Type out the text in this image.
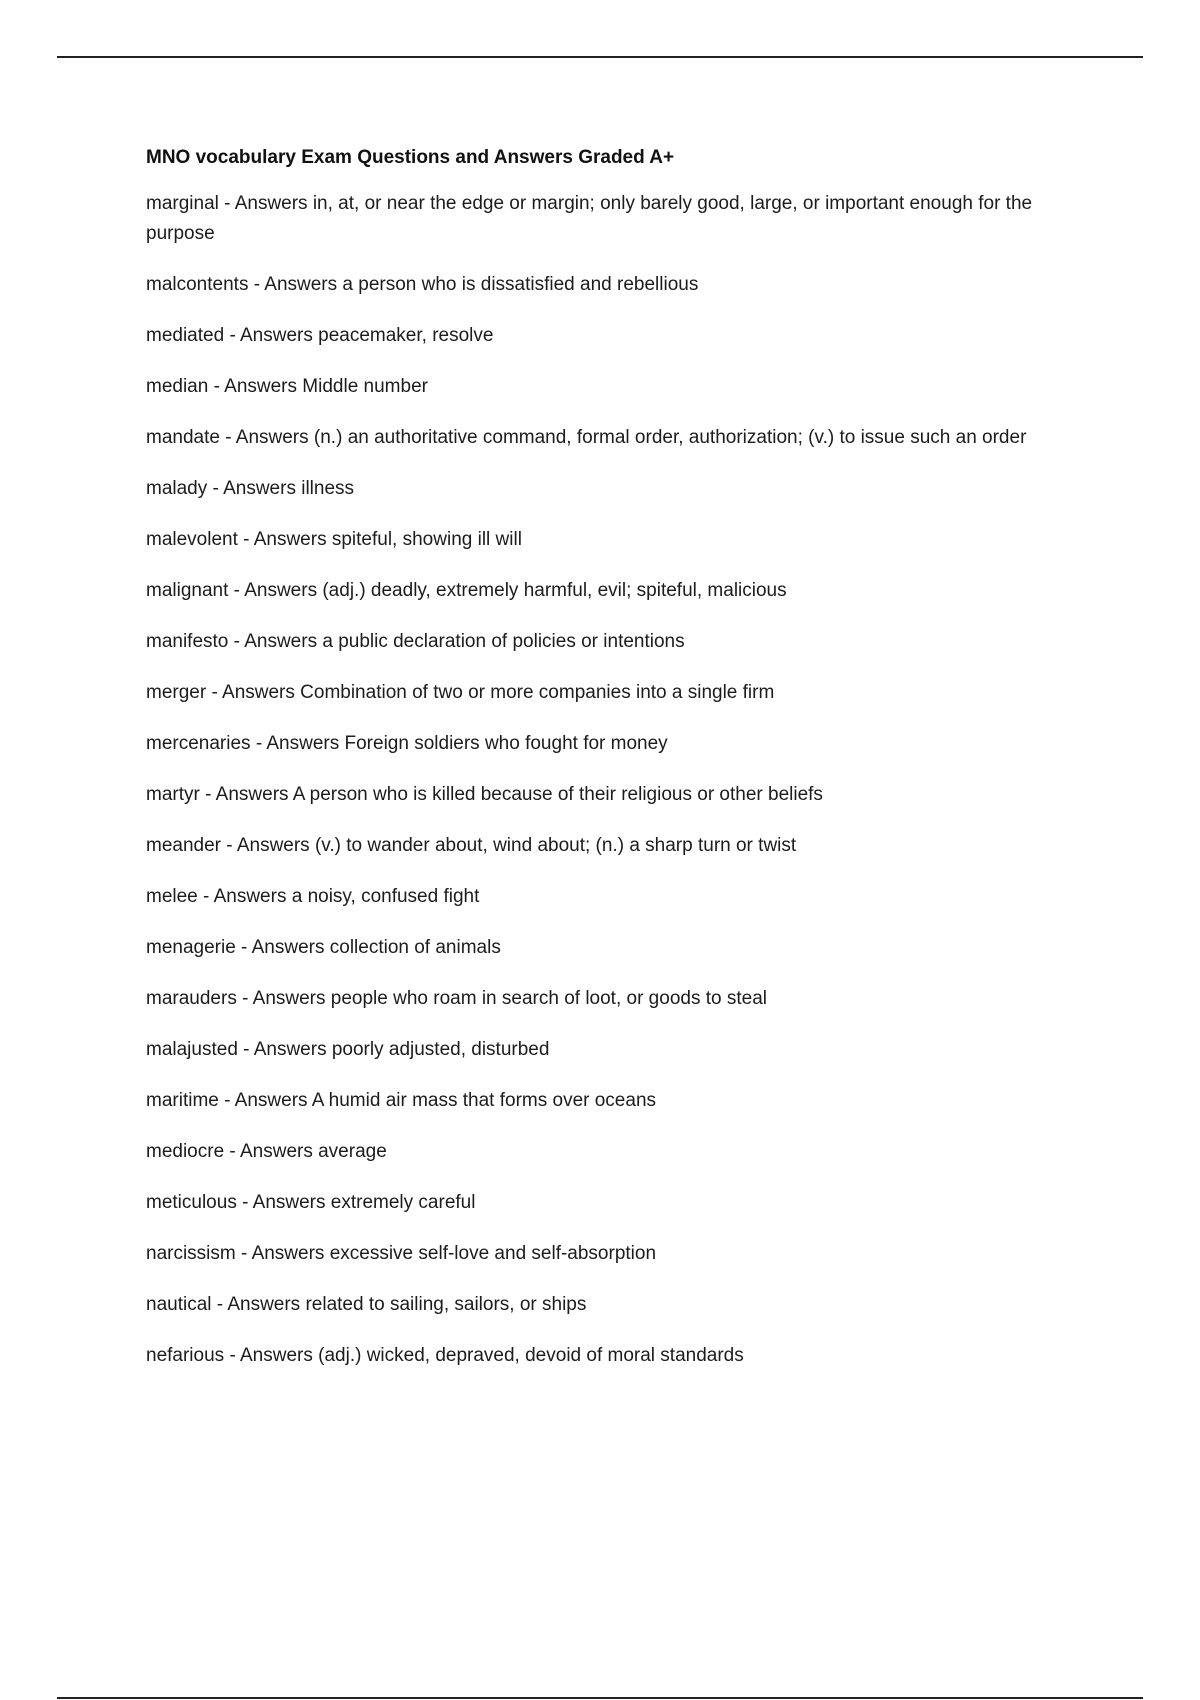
MNO vocabulary Exam Questions and Answers Graded A+
marginal - Answers in, at, or near the edge or margin; only barely good, large, or important enough for the purpose
malcontents - Answers a person who is dissatisfied and rebellious
mediated - Answers peacemaker, resolve
median - Answers Middle number
mandate - Answers (n.) an authoritative command, formal order, authorization; (v.) to issue such an order
malady - Answers illness
malevolent - Answers spiteful, showing ill will
malignant - Answers (adj.) deadly, extremely harmful, evil; spiteful, malicious
manifesto - Answers a public declaration of policies or intentions
merger - Answers Combination of two or more companies into a single firm
mercenaries - Answers Foreign soldiers who fought for money
martyr - Answers A person who is killed because of their religious or other beliefs
meander - Answers (v.) to wander about, wind about; (n.) a sharp turn or twist
melee - Answers a noisy, confused fight
menagerie - Answers collection of animals
marauders - Answers people who roam in search of loot, or goods to steal
malajusted - Answers poorly adjusted, disturbed
maritime - Answers A humid air mass that forms over oceans
mediocre - Answers average
meticulous - Answers extremely careful
narcissism - Answers excessive self-love and self-absorption
nautical - Answers related to sailing, sailors, or ships
nefarious - Answers (adj.) wicked, depraved, devoid of moral standards
